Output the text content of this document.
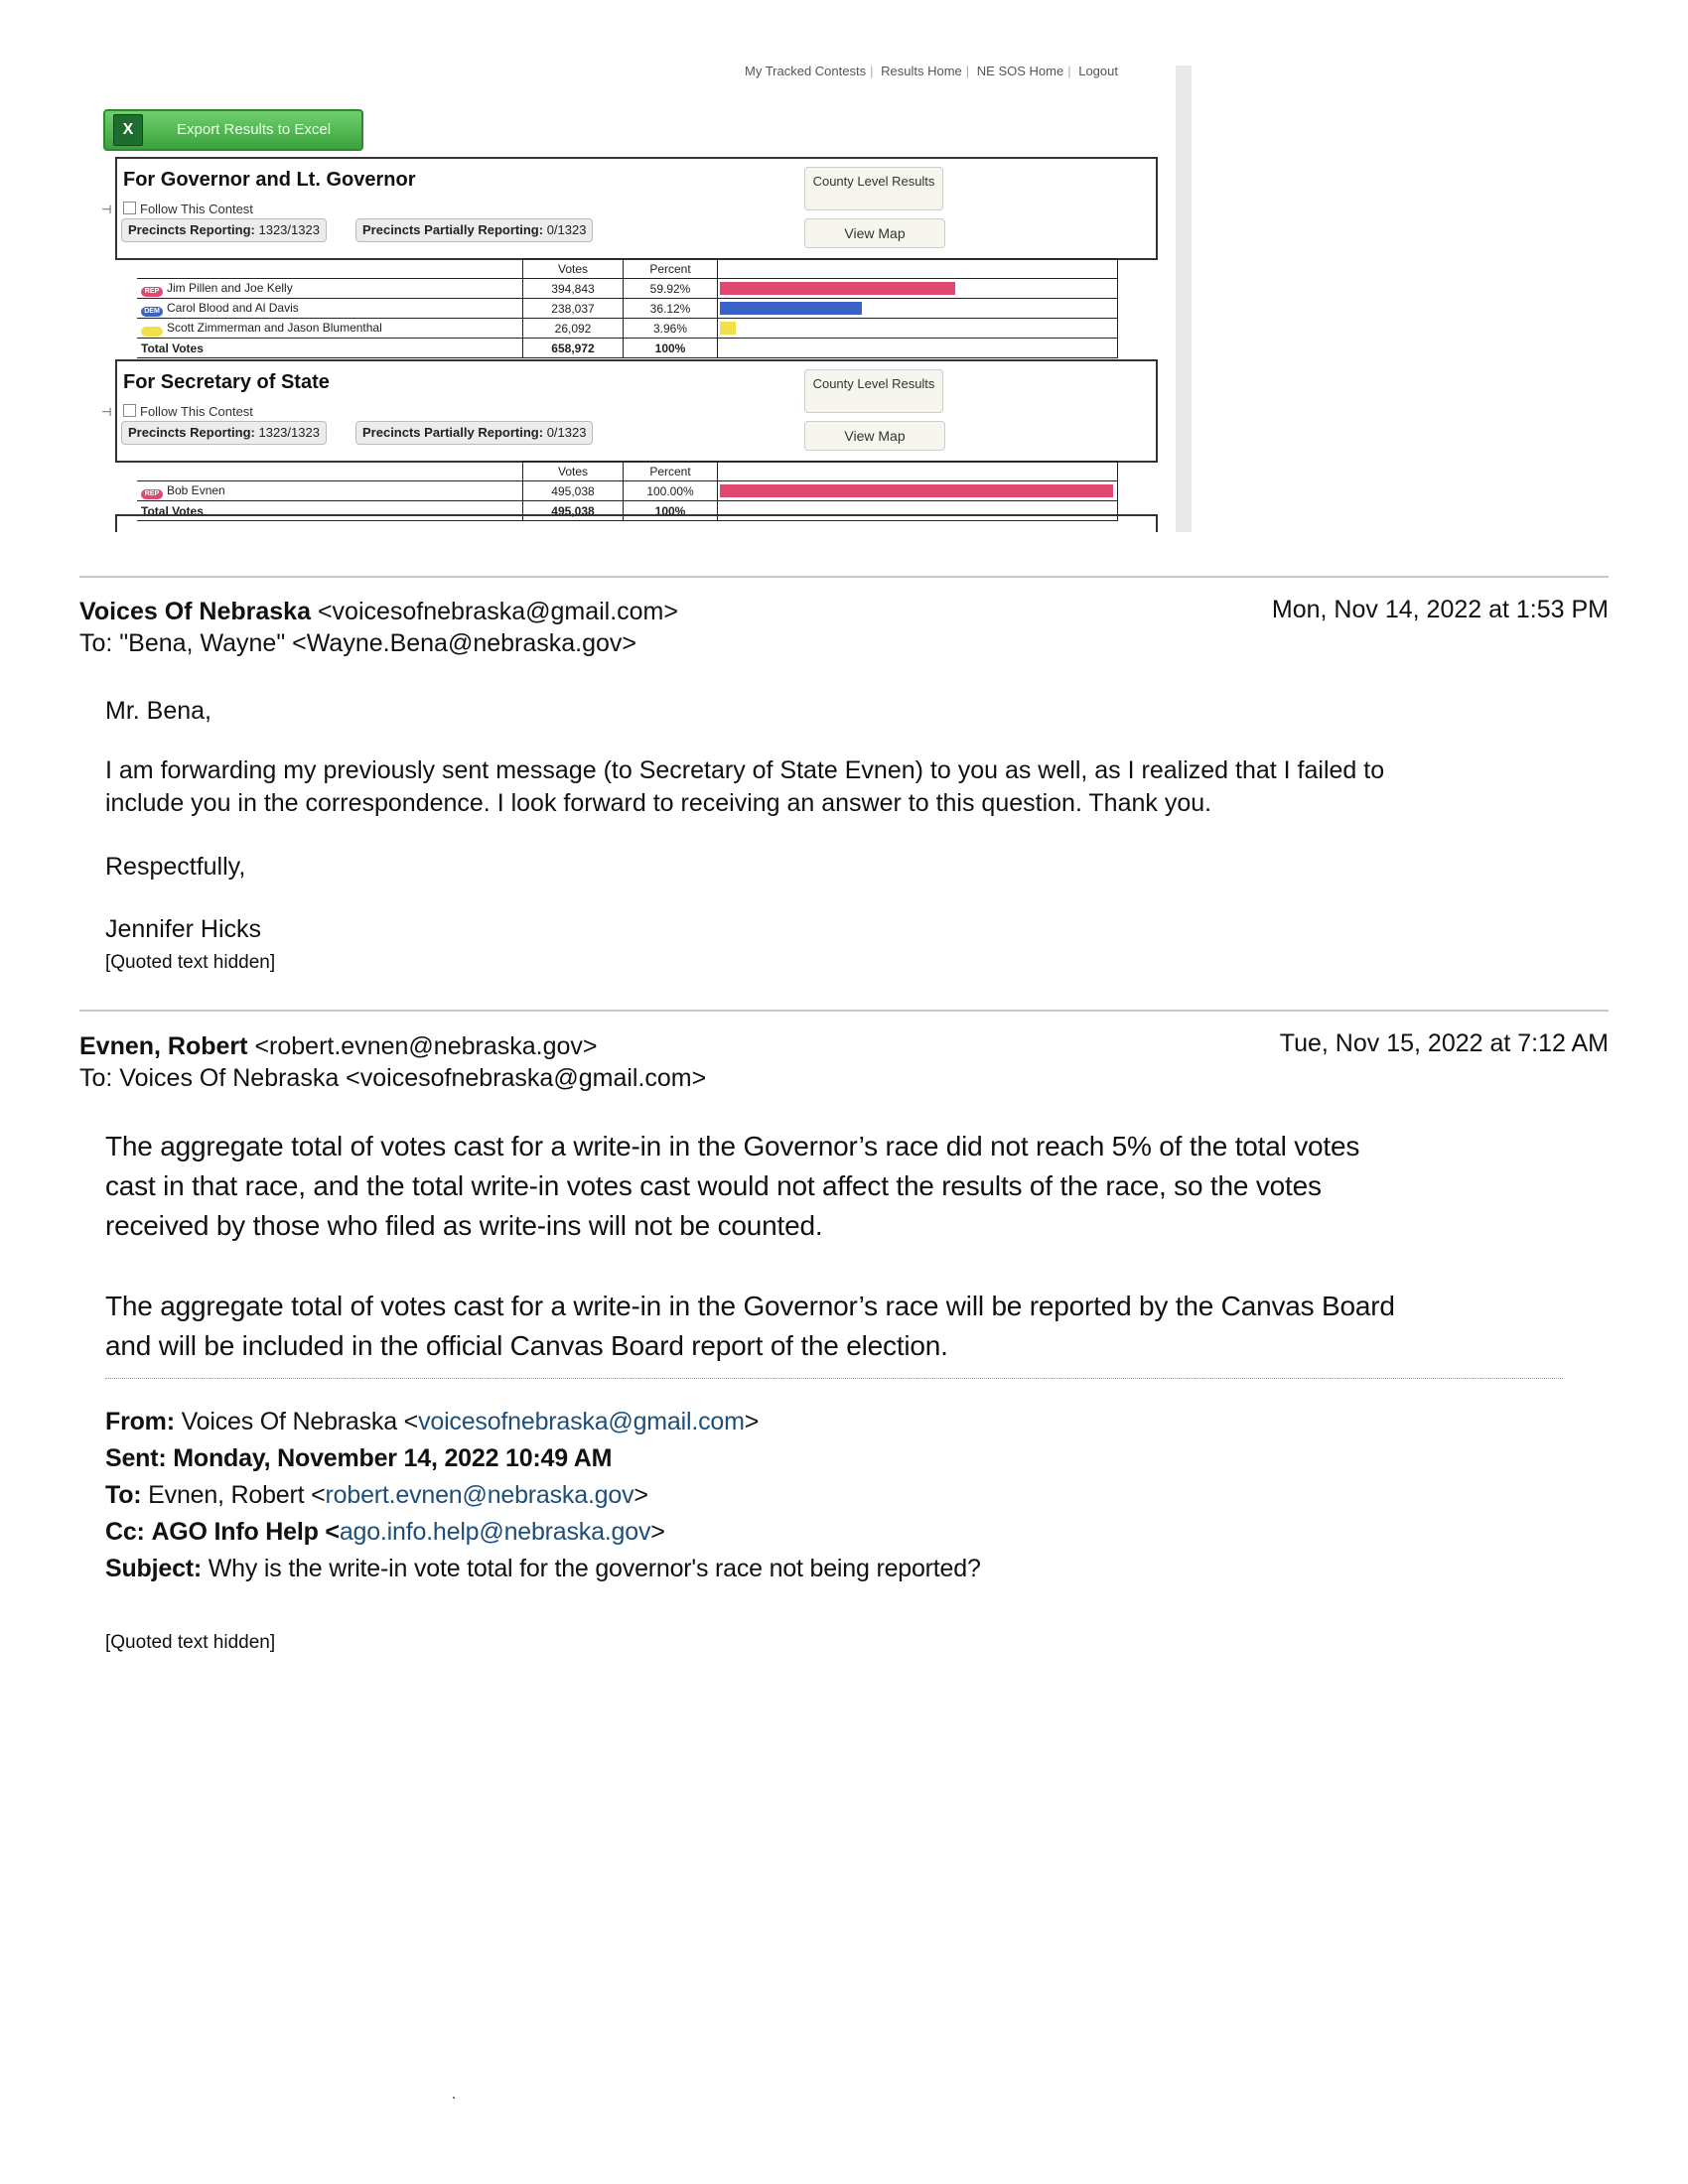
My Tracked Contests | Results Home | NE SOS Home | Logout
X	Export Results to Excel
⊣
For Governor and Lt. Governor
Follow This Contest
Precincts Reporting: 1323/1323	Precincts Partially Reporting: 0/1323
County Level Results
View Map
	Votes	Percent	
REP Jim Pillen and Joe Kelly	394,843	59.92%	

DEM Carol Blood and Al Davis	238,037	36.12%	

IND Scott Zimmerman and Jason Blumenthal	26,092	3.96%	

Total Votes	658,972	100%	
⊣
For Secretary of State
Follow This Contest
Precincts Reporting: 1323/1323	Precincts Partially Reporting: 0/1323
County Level Results
View Map
	Votes	Percent	
REP Bob Evnen	495,038	100.00%	

Total Votes	495,038	100%	
Voices Of Nebraska <voicesofnebraska@gmail.com>	Mon, Nov 14, 2022 at 1:53 PM
To: "Bena, Wayne" <Wayne.Bena@nebraska.gov>
Mr. Bena,
I am forwarding my previously sent message (to Secretary of State Evnen) to you as well, as I realized that I failed to
include you in the correspondence. I look forward to receiving an answer to this question. Thank you.
Respectfully,
Jennifer Hicks
[Quoted text hidden]
Evnen, Robert <robert.evnen@nebraska.gov>	Tue, Nov 15, 2022 at 7:12 AM
To: Voices Of Nebraska <voicesofnebraska@gmail.com>
The aggregate total of votes cast for a write-in in the Governor’s race did not reach 5% of the total votes
cast in that race, and the total write-in votes cast would not affect the results of the race, so the votes
received by those who filed as write-ins will not be counted.
The aggregate total of votes cast for a write-in in the Governor’s race will be reported by the Canvas Board
and will be included in the official Canvas Board report of the election.
From: Voices Of Nebraska <voicesofnebraska@gmail.com>
Sent: Monday, November 14, 2022 10:49 AM
To: Evnen, Robert <robert.evnen@nebraska.gov>
Cc: AGO Info Help <ago.info.help@nebraska.gov>
Subject: Why is the write-in vote total for the governor's race not being reported?
[Quoted text hidden]
